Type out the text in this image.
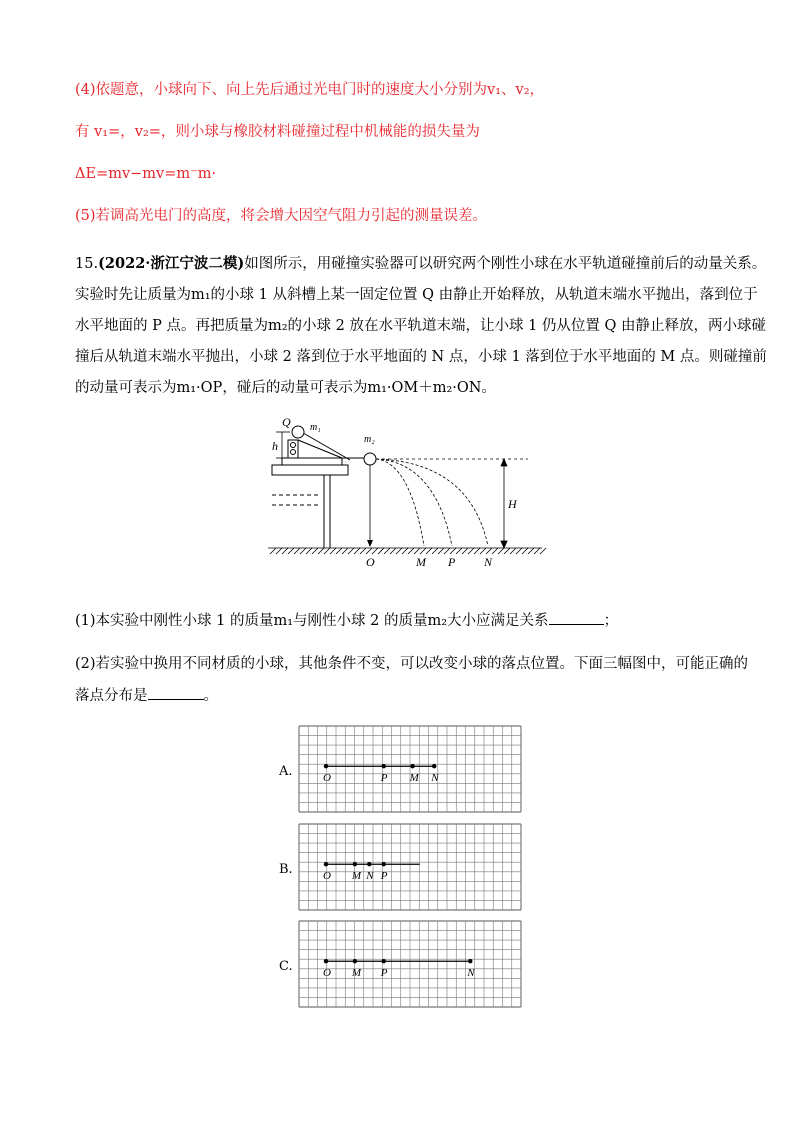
(4)依题意，小球向下、向上先后通过光电门时的速度大小分别为v₁、v₂，
有 v₁=，v₂=，则小球与橡胶材料碰撞过程中机械能的损失量为
ΔE=mv−mv=m⁻m·
(5)若调高光电门的高度，将会增大因空气阻力引起的测量误差。
15.(2022·浙江宁波二模)如图所示，用碰撞实验器可以研究两个刚性小球在水平轨道碰撞前后的动量关系。
实验时先让质量为m₁的小球 1 从斜槽上某一固定位置 Q 由静止开始释放，从轨道末端水平抛出，落到位于
水平地面的 P 点。再把质量为m₂的小球 2 放在水平轨道末端，让小球 1 仍从位置 Q 由静止释放，两小球碰
撞后从轨道末端水平抛出，小球 2 落到位于水平地面的 N 点，小球 1 落到位于水平地面的 M 点。则碰撞前
的动量可表示为m₁·OP，碰后的动量可表示为m₁·OM＋m₂·ON。
Q m₁
h	m₂
H
O	M P N
(1)本实验中刚性小球 1 的质量m₁与刚性小球 2 的质量m₂大小应满足关系	；
(2)若实验中换用不同材质的小球，其他条件不变，可以改变小球的落点位置。下面三幅图中，可能正确的
落点分布是	。
A.	O	P M N
B.	O M N P
C.	O M P	N
